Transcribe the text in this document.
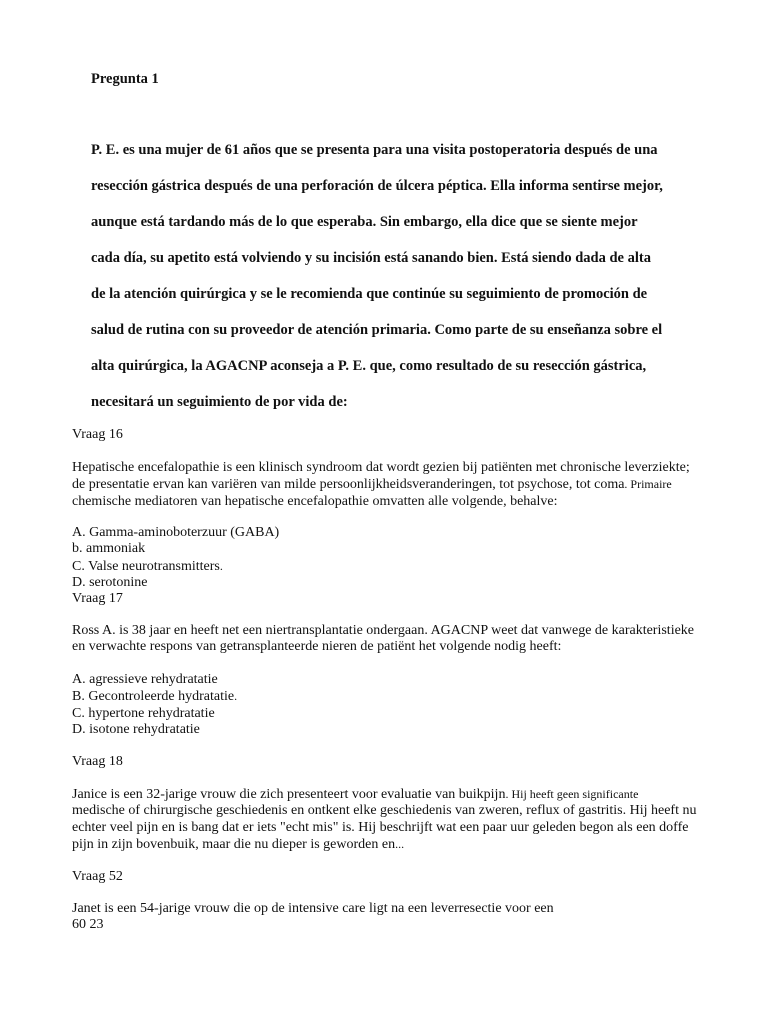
Pregunta 1

P. E. es una mujer de 61 años que se presenta para una visita postoperatoria después de una
resección gástrica después de una perforación de úlcera péptica. Ella informa sentirse mejor,
aunque está tardando más de lo que esperaba. Sin embargo, ella dice que se siente mejor
cada día, su apetito está volviendo y su incisión está sanando bien. Está siendo dada de alta
de la atención quirúrgica y se le recomienda que continúe su seguimiento de promoción de
salud de rutina con su proveedor de atención primaria. Como parte de su enseñanza sobre el
alta quirúrgica, la AGACNP aconseja a P. E. que, como resultado de su resección gástrica,
necesitará un seguimiento de por vida de:

Vraag 16

Hepatische encefalopathie is een klinisch syndroom dat wordt gezien bij patiënten met chronische leverziekte;
de presentatie ervan kan variëren van milde persoonlijkheidsveranderingen, tot psychose, tot coma. Primaire
chemische mediatoren van hepatische encefalopathie omvatten alle volgende, behalve:
A. Gamma-aminoboterzuur (GABA)
b. ammoniak
C. Valse neurotransmitters.
D. serotonine

Vraag 17

Ross A. is 38 jaar en heeft net een niertransplantatie ondergaan. AGACNP weet dat vanwege de karakteristieke
en verwachte respons van getransplanteerde nieren de patiënt het volgende nodig heeft:
A. agressieve rehydratatie
B. Gecontroleerde hydratatie.
C. hypertone rehydratatie
D. isotone rehydratatie

Vraag 18

Janice is een 32-jarige vrouw die zich presenteert voor evaluatie van buikpijn. Hij heeft geen significante
medische of chirurgische geschiedenis en ontkent elke geschiedenis van zweren, reflux of gastritis. Hij heeft nu
echter veel pijn en is bang dat er iets "echt mis" is. Hij beschrijft wat een paar uur geleden begon als een doffe
pijn in zijn bovenbuik, maar die nu dieper is geworden en...

Vraag 52

Janet is een 54-jarige vrouw die op de intensive care ligt na een leverresectie voor een
60 23
